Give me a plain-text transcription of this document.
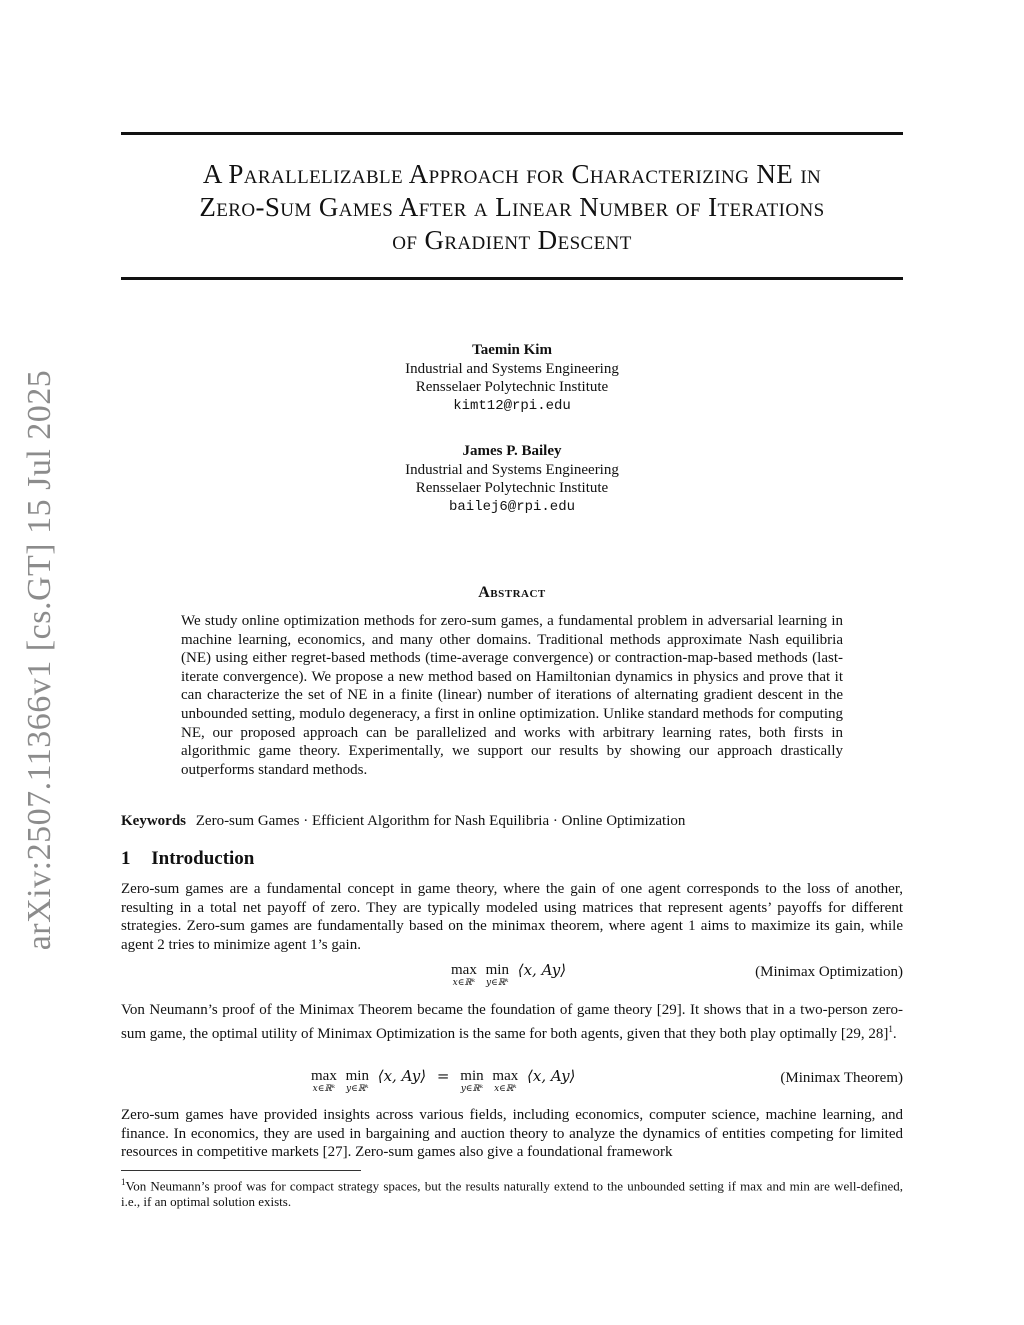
arXiv:2507.11366v1 [cs.GT] 15 Jul 2025
A Parallelizable Approach for Characterizing NE in
Zero-Sum Games After a Linear Number of Iterations
of Gradient Descent
Taemin Kim
Industrial and Systems Engineering
Rensselaer Polytechnic Institute
kimt12@rpi.edu
James P. Bailey
Industrial and Systems Engineering
Rensselaer Polytechnic Institute
bailej6@rpi.edu
Abstract
We study online optimization methods for zero-sum games, a fundamental problem in adversarial learning in machine learning, economics, and many other domains. Traditional methods approximate Nash equilibria (NE) using either regret-based methods (time-average convergence) or contraction-map-based methods (last-iterate convergence). We propose a new method based on Hamiltonian dynamics in physics and prove that it can characterize the set of NE in a finite (linear) number of iterations of alternating gradient descent in the unbounded setting, modulo degeneracy, a first in online optimization. Unlike standard methods for computing NE, our proposed approach can be parallelized and works with arbitrary learning rates, both firsts in algorithmic game theory. Experimentally, we support our results by showing our approach drastically outperforms standard methods.
Keywords Zero-sum Games · Efficient Algorithm for Nash Equilibria · Online Optimization
1 Introduction
Zero-sum games are a fundamental concept in game theory, where the gain of one agent corresponds to the loss of another, resulting in a total net payoff of zero. They are typically modeled using matrices that represent agents’ payoffs for different strategies. Zero-sum games are fundamentally based on the minimax theorem, where agent 1 aims to maximize its gain, while agent 2 tries to minimize agent 1’s gain.
max
x∈ℝᵏ

min
y∈ℝᵏ
⟨x, Ay⟩	(Minimax Optimization)
Von Neumann’s proof of the Minimax Theorem became the foundation of game theory [29]. It shows that in a two-person zero-sum game, the optimal utility of Minimax Optimization is the same for both agents, given that they both play optimally [29, 28]$^1$.
max
x∈ℝᵏ

min
y∈ℝᵏ
⟨x, Ay⟩ = min
y∈ℝᵏ

max
x∈ℝᵏ
⟨x, Ay⟩	(Minimax Theorem)
Zero-sum games have provided insights across various fields, including economics, computer science, machine learning, and finance. In economics, they are used in bargaining and auction theory to analyze the dynamics of entities competing for limited resources in competitive markets [27]. Zero-sum games also give a foundational framework
$^1$Von Neumann’s proof was for compact strategy spaces, but the results naturally extend to the unbounded setting if max and min are well-defined, i.e., if an optimal solution exists.
